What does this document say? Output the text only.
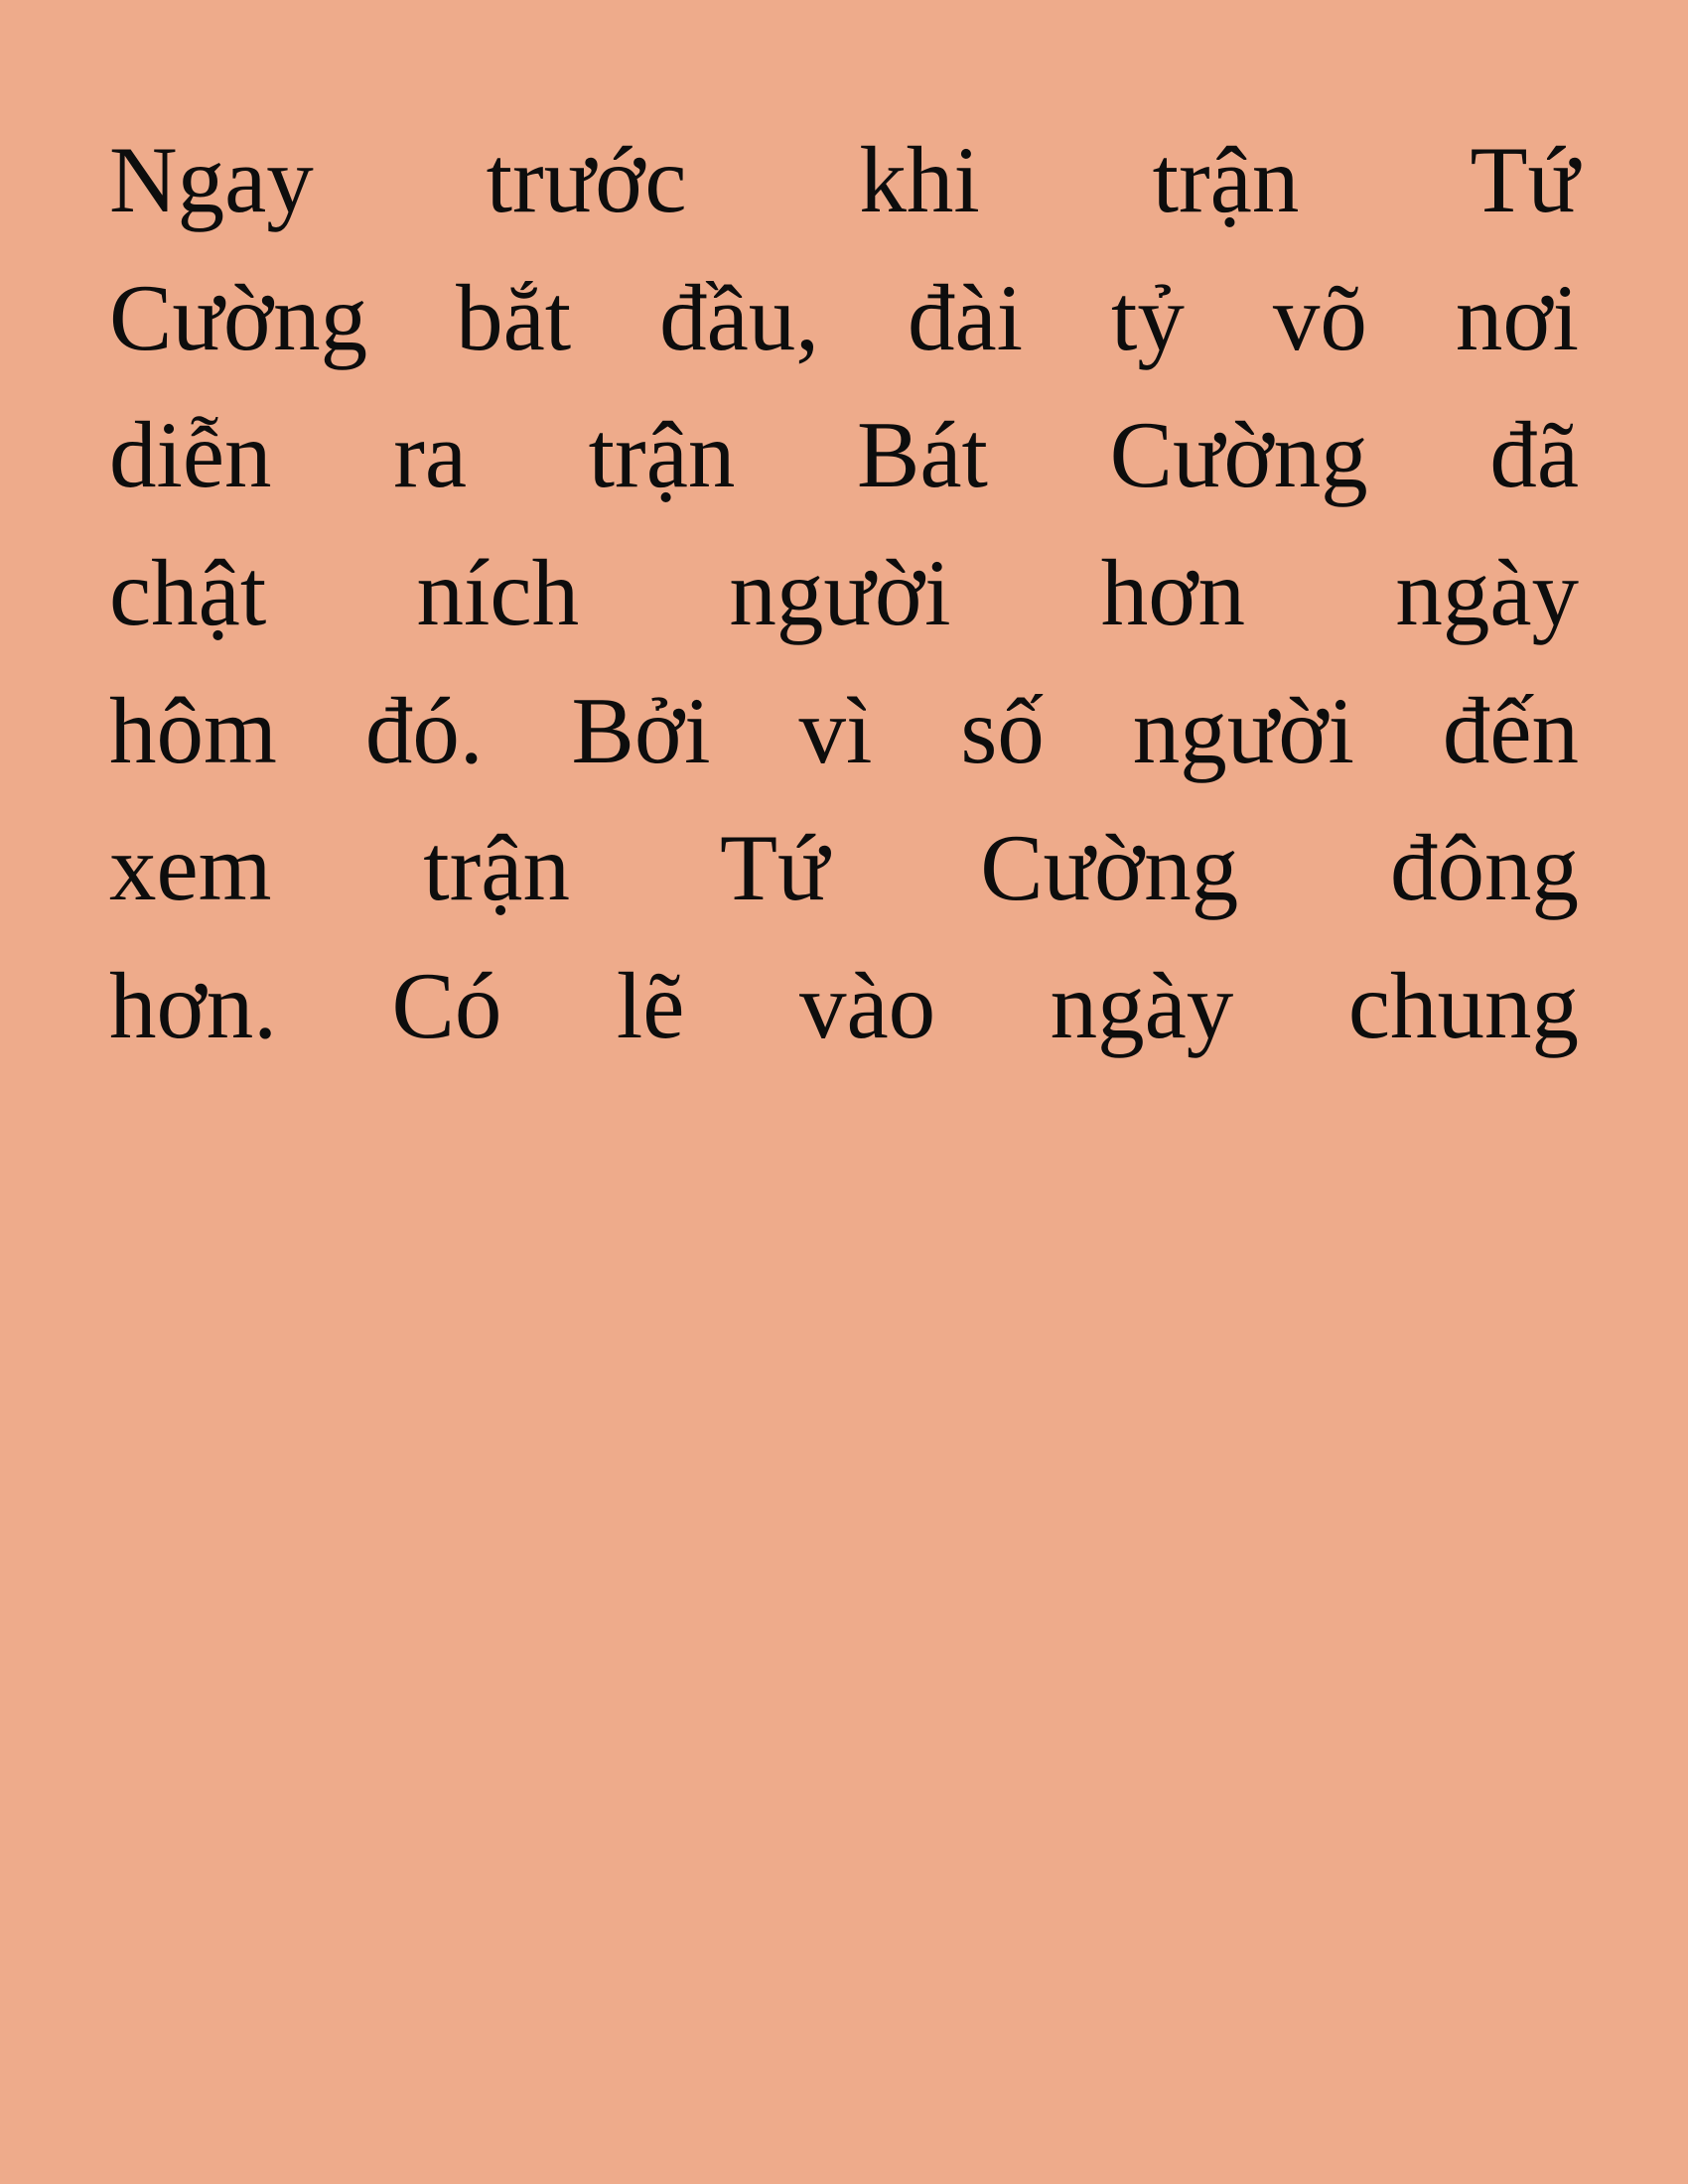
Ngay trước khi trận Tứ

Cường bắt đầu, đài tỷ võ nơi

diễn ra trận Bát Cường đã

chật ních người hơn ngày

hôm đó. Bởi vì số người đến

xem trận Tứ Cường đông

hơn. Có lẽ vào ngày chung
